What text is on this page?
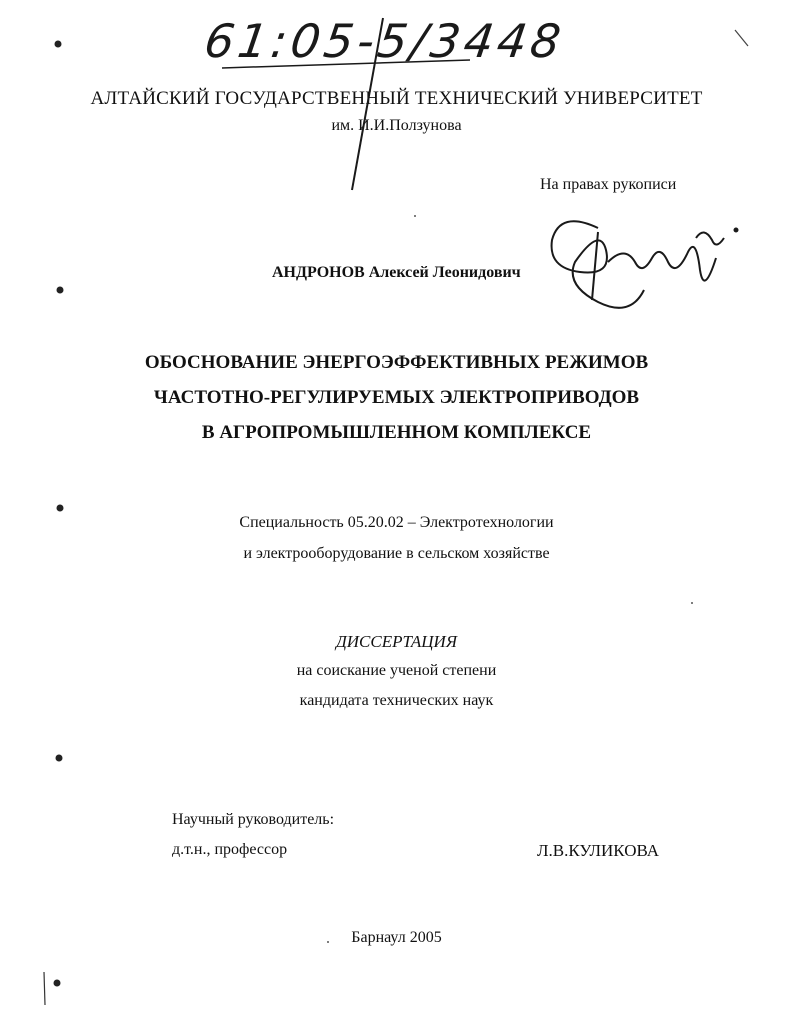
61:05-5/3448
АЛТАЙСКИЙ ГОСУДАРСТВЕННЫЙ ТЕХНИЧЕСКИЙ УНИВЕРСИТЕТ
им. И.И.Ползунова
На правах рукописи
АНДРОНОВ Алексей Леонидович
ОБОСНОВАНИЕ ЭНЕРГОЭФФЕКТИВНЫХ РЕЖИМОВ
ЧАСТОТНО-РЕГУЛИРУЕМЫХ ЭЛЕКТРОПРИВОДОВ
В АГРОПРОМЫШЛЕННОМ КОМПЛЕКСЕ
Специальность 05.20.02 – Электротехнологии
и электрооборудование в сельском хозяйстве
ДИССЕРТАЦИЯ
на соискание ученой степени
кандидата технических наук
Научный руководитель:
д.т.н., профессор	Л.В.КУЛИКОВА
Барнаул 2005
